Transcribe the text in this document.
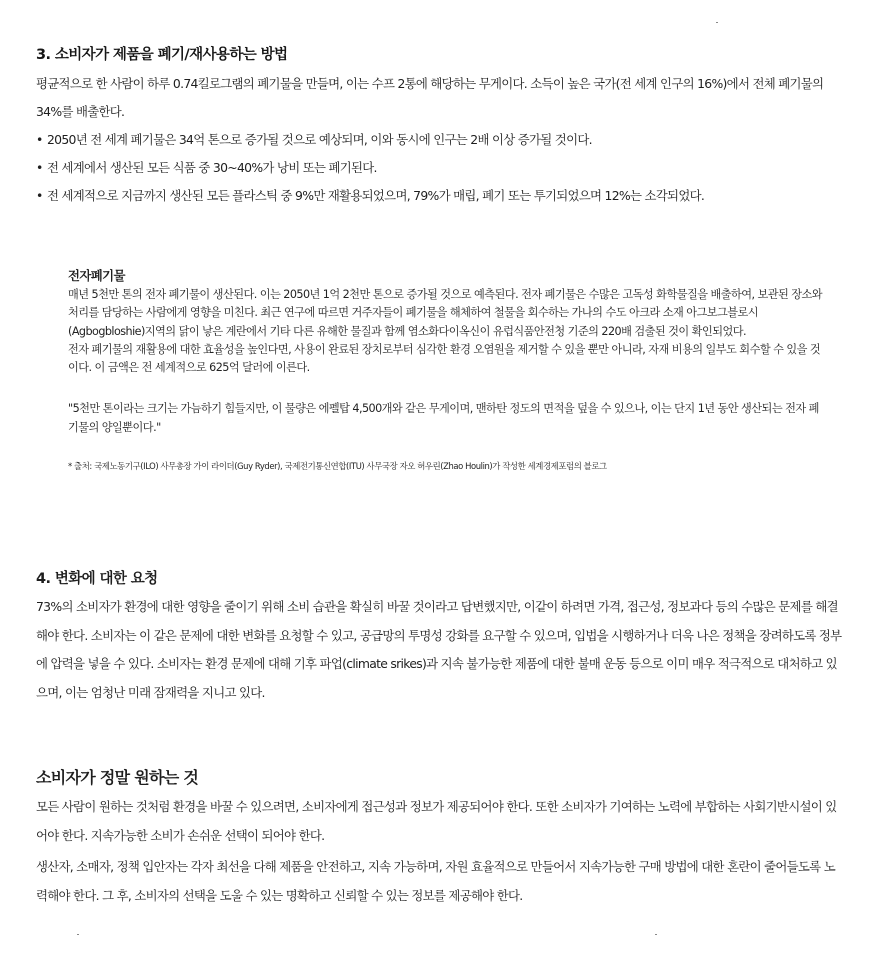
3. 소비자가 제품을 폐기/재사용하는 방법

평균적으로 한 사람이 하루 0.74킬로그램의 폐기물을 만들며, 이는 수프 2통에 해당하는 무게이다. 소득이 높은 국가(전 세계 인구의 16%)에서 전체 폐기물의 34%를 배출한다.

• 2050년 전 세계 폐기물은 34억 톤으로 증가될 것으로 예상되며, 이와 동시에 인구는 2배 이상 증가될 것이다.
• 전 세계에서 생산된 모든 식품 중 30~40%가 낭비 또는 폐기된다.
• 전 세계적으로 지금까지 생산된 모든 플라스틱 중 9%만 재활용되었으며, 79%가 매립, 폐기 또는 투기되었으며 12%는 소각되었다.
전자폐기물

매년 5천만 톤의 전자 폐기물이 생산된다. 이는 2050년 1억 2천만 톤으로 증가될 것으로 예측된다. 전자 폐기물은 수많은 고독성 화학물질을 배출하여, 보관된 장소와 처리를 담당하는 사람에게 영향을 미친다. 최근 연구에 따르면 거주자들이 폐기물을 해체하여 철물을 회수하는 가나의 수도 아크라 소재 아그보그블로시(Agbogbloshie)지역의 닭이 낳은 계란에서 기타 다른 유해한 물질과 함께 염소화다이옥신이 유럽식품안전청 기준의 220배 검출된 것이 확인되었다.

전자 폐기물의 재활용에 대한 효율성을 높인다면, 사용이 완료된 장치로부터 심각한 환경 오염원을 제거할 수 있을 뿐만 아니라, 자재 비용의 일부도 회수할 수 있을 것이다. 이 금액은 전 세계적으로 625억 달러에 이른다.

"5천만 톤이라는 크기는 가늠하기 힘들지만, 이 물량은 에펠탑 4,500개와 같은 무게이며, 맨하탄 정도의 면적을 덮을 수 있으나, 이는 단지 1년 동안 생산되는 전자 폐기물의 양일뿐이다."

* 출처: 국제노동기구(ILO) 사무총장 가이 라이더(Guy Ryder), 국제전기통신연합(ITU) 사무국장 자오 허우린(Zhao Houlin)가 작성한 세계경제포럼의 블로그

4. 변화에 대한 요청

73%의 소비자가 환경에 대한 영향을 줄이기 위해 소비 습관을 확실히 바꿀 것이라고 답변했지만, 이같이 하려면 가격, 접근성, 정보과다 등의 수많은 문제를 해결해야 한다. 소비자는 이 같은 문제에 대한 변화를 요청할 수 있고, 공급망의 투명성 강화를 요구할 수 있으며, 입법을 시행하거나 더욱 나은 정책을 장려하도록 정부에 압력을 넣을 수 있다. 소비자는 환경 문제에 대해 기후 파업(climate srikes)과 지속 불가능한 제품에 대한 불매 운동 등으로 이미 매우 적극적으로 대처하고 있으며, 이는 엄청난 미래 잠재력을 지니고 있다.

소비자가 정말 원하는 것

모든 사람이 원하는 것처럼 환경을 바꿀 수 있으려면, 소비자에게 접근성과 정보가 제공되어야 한다. 또한 소비자가 기여하는 노력에 부합하는 사회기반시설이 있어야 한다. 지속가능한 소비가 손쉬운 선택이 되어야 한다.

생산자, 소매자, 정책 입안자는 각자 최선을 다해 제품을 안전하고, 지속 가능하며, 자원 효율적으로 만들어서 지속가능한 구매 방법에 대한 혼란이 줄어들도록 노력해야 한다. 그 후, 소비자의 선택을 도울 수 있는 명확하고 신뢰할 수 있는 정보를 제공해야 한다.
